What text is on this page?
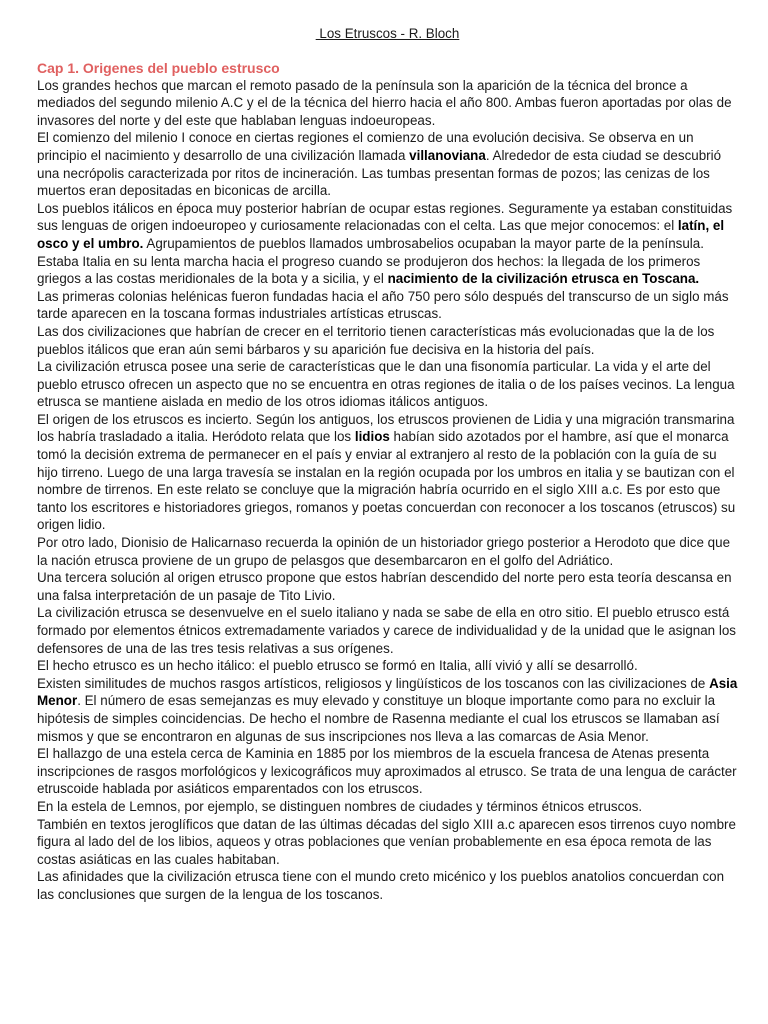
Los Etruscos - R. Bloch
Cap 1. Origenes del pueblo estrusco

Los grandes hechos que marcan el remoto pasado de la península son la aparición de la técnica del bronce a mediados del segundo milenio A.C y el de la técnica del hierro hacia el año 800. Ambas fueron aportadas por olas de invasores del norte y del este que hablaban lenguas indoeuropeas.

El comienzo del milenio I conoce en ciertas regiones el comienzo de una evolución decisiva. Se observa en un principio el nacimiento y desarrollo de una civilización llamada villanoviana. Alrededor de esta ciudad se descubrió una necrópolis caracterizada por ritos de incineración. Las tumbas presentan formas de pozos; las cenizas de los muertos eran depositadas en biconicas de arcilla.

Los pueblos itálicos en época muy posterior habrían de ocupar estas regiones. Seguramente ya estaban constituidas sus lenguas de origen indoeuropeo y curiosamente relacionadas con el celta. Las que mejor conocemos: el latín, el osco y el umbro. Agrupamientos de pueblos llamados umbrosabelios ocupaban la mayor parte de la península.

Estaba Italia en su lenta marcha hacia el progreso cuando se produjeron dos hechos: la llegada de los primeros griegos a las costas meridionales de la bota y a sicilia, y el nacimiento de la civilización etrusca en Toscana.

Las primeras colonias helénicas fueron fundadas hacia el año 750 pero sólo después del transcurso de un siglo más tarde aparecen en la toscana formas industriales artísticas etruscas.

Las dos civilizaciones que habrían de crecer en el territorio tienen características más evolucionadas que la de los pueblos itálicos que eran aún semi bárbaros y su aparición fue decisiva en la historia del país.

La civilización etrusca posee una serie de características que le dan una fisonomía particular. La vida y el arte del pueblo etrusco ofrecen un aspecto que no se encuentra en otras regiones de italia o de los países vecinos. La lengua etrusca se mantiene aislada en medio de los otros idiomas itálicos antiguos.

El origen de los etruscos es incierto. Según los antiguos, los etruscos provienen de Lidia y una migración transmarina los habría trasladado a italia. Heródoto relata que los lidios habían sido azotados por el hambre, así que el monarca tomó la decisión extrema de permanecer en el país y enviar al extranjero al resto de la población con la guía de su hijo tirreno. Luego de una larga travesía se instalan en la región ocupada por los umbros en italia y se bautizan con el nombre de tirrenos. En este relato se concluye que la migración habría ocurrido en el siglo XIII a.c. Es por esto que tanto los escritores e historiadores griegos, romanos y poetas concuerdan con reconocer a los toscanos (etruscos) su origen lidio.

Por otro lado, Dionisio de Halicarnaso recuerda la opinión de un historiador griego posterior a Herodoto que dice que la nación etrusca proviene de un grupo de pelasgos que desembarcaron en el golfo del Adriático.

Una tercera solución al origen etrusco propone que estos habrían descendido del norte pero esta teoría descansa en una falsa interpretación de un pasaje de Tito Livio.

La civilización etrusca se desenvuelve en el suelo italiano y nada se sabe de ella en otro sitio. El pueblo etrusco está formado por elementos étnicos extremadamente variados y carece de individualidad y de la unidad que le asignan los defensores de una de las tres tesis relativas a sus orígenes.

El hecho etrusco es un hecho itálico: el pueblo etrusco se formó en Italia, allí vivió y allí se desarrolló.

Existen similitudes de muchos rasgos artísticos, religiosos y lingüísticos de los toscanos con las civilizaciones de Asia Menor. El número de esas semejanzas es muy elevado y constituye un bloque importante como para no excluir la hipótesis de simples coincidencias. De hecho el nombre de Rasenna mediante el cual los etruscos se llamaban así mismos y que se encontraron en algunas de sus inscripciones nos lleva a las comarcas de Asia Menor.

El hallazgo de una estela cerca de Kaminia en 1885 por los miembros de la escuela francesa de Atenas presenta inscripciones de rasgos morfológicos y lexicográficos muy aproximados al etrusco. Se trata de una lengua de carácter etruscoide hablada por asiáticos emparentados con los etruscos.

En la estela de Lemnos, por ejemplo, se distinguen nombres de ciudades y términos étnicos etruscos.

También en textos jeroglíficos que datan de las últimas décadas del siglo XIII a.c aparecen esos tirrenos cuyo nombre figura al lado del de los libios, aqueos y otras poblaciones que venían probablemente en esa época remota de las costas asiáticas en las cuales habitaban.

Las afinidades que la civilización etrusca tiene con el mundo creto micénico y los pueblos anatolios concuerdan con las conclusiones que surgen de la lengua de los toscanos.
